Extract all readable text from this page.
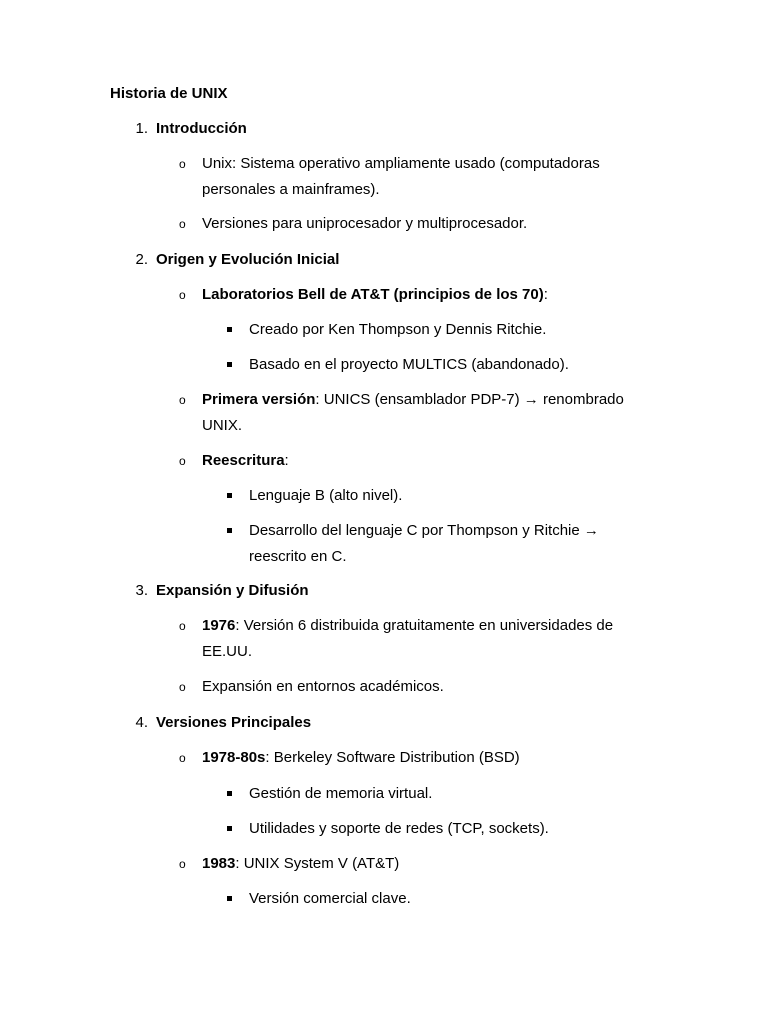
Historia de UNIX
1. Introducción
o Unix: Sistema operativo ampliamente usado (computadoras personales a mainframes).
o Versiones para uniprocesador y multiprocesador.
2. Origen y Evolución Inicial
o Laboratorios Bell de AT&T (principios de los 70):
Creado por Ken Thompson y Dennis Ritchie.
Basado en el proyecto MULTICS (abandonado).
o Primera versión: UNICS (ensamblador PDP-7) → renombrado UNIX.
o Reescritura:
Lenguaje B (alto nivel).
Desarrollo del lenguaje C por Thompson y Ritchie → reescrito en C.
3. Expansión y Difusión
o 1976: Versión 6 distribuida gratuitamente en universidades de EE.UU.
o Expansión en entornos académicos.
4. Versiones Principales
o 1978-80s: Berkeley Software Distribution (BSD)
Gestión de memoria virtual.
Utilidades y soporte de redes (TCP, sockets).
o 1983: UNIX System V (AT&T)
Versión comercial clave.
